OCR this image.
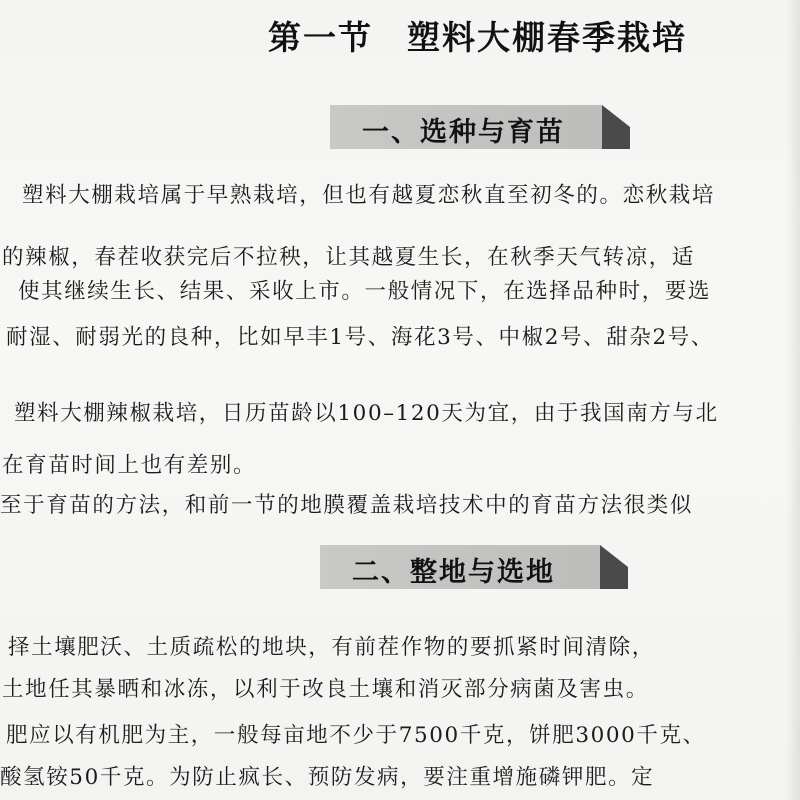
第一节 塑料大棚春季栽培
一、选种与育苗
塑料大棚栽培属于早熟栽培，但也有越夏恋秋直至初冬的。恋秋栽培
的辣椒，春茬收获完后不拉秧，让其越夏生长，在秋季天气转凉，适
使其继续生长、结果、采收上市。一般情况下，在选择品种时，要选
耐湿、耐弱光的良种，比如早丰1号、海花3号、中椒2号、甜杂2号、
塑料大棚辣椒栽培，日历苗龄以100–120天为宜，由于我国南方与北
在育苗时间上也有差别。
至于育苗的方法，和前一节的地膜覆盖栽培技术中的育苗方法很类似
二、整地与选地
择土壤肥沃、土质疏松的地块，有前茬作物的要抓紧时间清除，
土地任其暴晒和冰冻，以利于改良土壤和消灭部分病菌及害虫。
肥应以有机肥为主，一般每亩地不少于7500千克，饼肥3000千克、
酸氢铵50千克。为防止疯长、预防发病，要注重增施磷钾肥。定
